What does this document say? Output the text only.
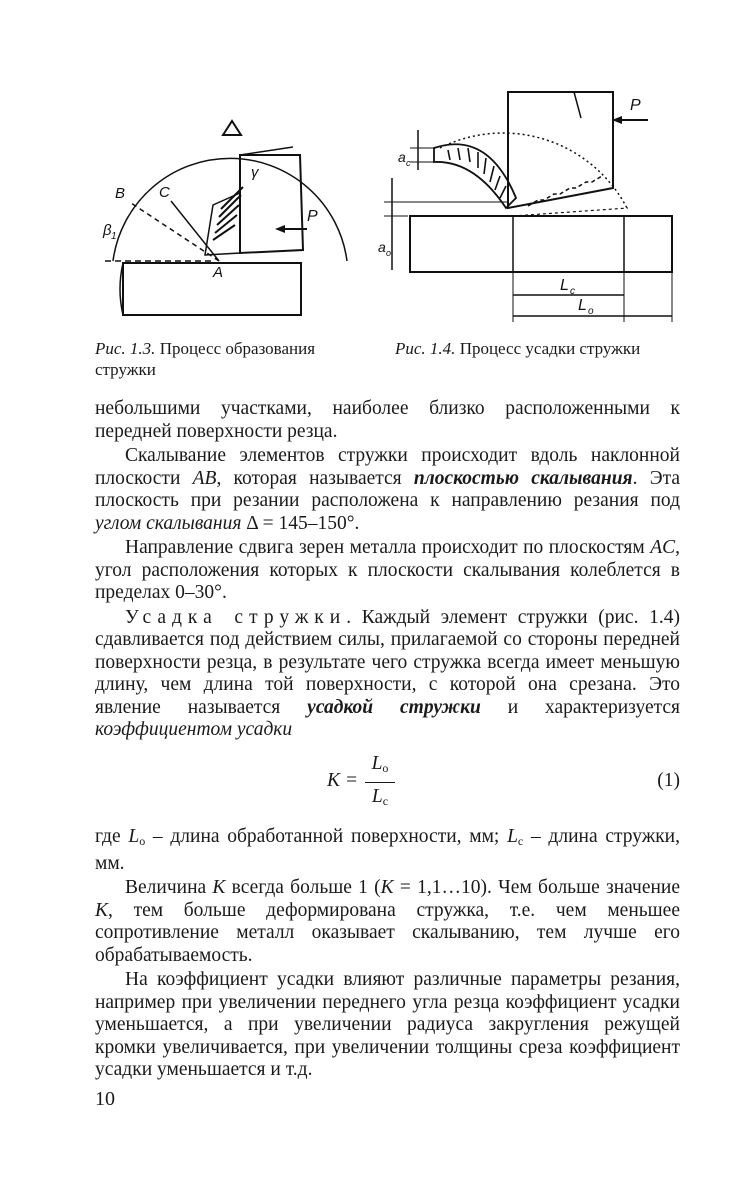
B C
A
P
γ
β 1
Рис. 1.3. Процесс образования стружки
P
a c
a o
L c
L o
Рис. 1.4. Процесс усадки стружки

небольшими участками, наиболее близко расположенными к передней поверхности резца.

Скалывание элементов стружки происходит вдоль наклонной плоскости AB, которая называется плоскостью скалывания. Эта плоскость при резании расположена к направлению резания под углом скалывания Δ = 145–150°.

Направление сдвига зерен металла происходит по плоскостям AC, угол расположения которых к плоскости скалывания колеблется в пределах 0–30°.

Усадка стружки. Каждый элемент стружки (рис. 1.4) сдавливается под действием силы, прилагаемой со стороны передней поверхности резца, в результате чего стружка всегда имеет меньшую длину, чем длина той поверхности, с которой она срезана. Это явление называется усадкой стружки и характеризуется коэффициентом усадки

K =
$L_o$
$L_c$
(1)

где $L_o$ – длина обработанной поверхности, мм; $L_c$ – длина стружки, мм.

Величина K всегда больше 1 (K = 1,1…10). Чем больше значение K, тем больше деформирована стружка, т.е. чем меньшее сопротивление металл оказывает скалыванию, тем лучше его обрабатываемость.

На коэффициент усадки влияют различные параметры резания, например при увеличении переднего угла резца коэффициент усадки уменьшается, а при увеличении радиуса закругления режущей кромки увеличивается, при увеличении толщины среза коэффициент усадки уменьшается и т.д.

10
